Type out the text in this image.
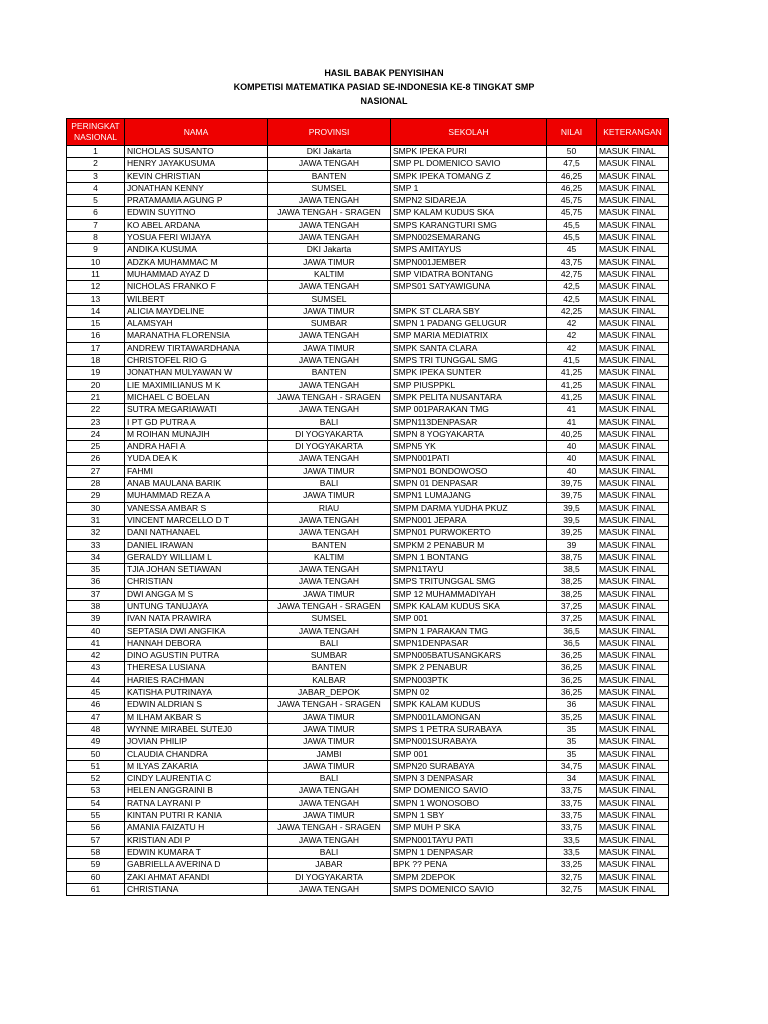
HASIL BABAK PENYISIHAN
KOMPETISI MATEMATIKA PASIAD SE-INDONESIA KE-8 TINGKAT SMP
NASIONAL
PERINGKAT NASIONAL	NAMA	PROVINSI	SEKOLAH	NILAI	KETERANGAN
1	NICHOLAS SUSANTO	DKI Jakarta	SMPK IPEKA PURI	50	MASUK FINAL
2	HENRY JAYAKUSUMA	JAWA TENGAH	SMP PL DOMENICO SAVIO	47,5	MASUK FINAL
3	KEVIN CHRISTIAN	BANTEN	SMPK IPEKA TOMANG Z	46,25	MASUK FINAL
4	JONATHAN KENNY	SUMSEL	SMP 1	46,25	MASUK FINAL
5	PRATAMAMIA AGUNG P	JAWA TENGAH	SMPN2 SIDAREJA	45,75	MASUK FINAL
6	EDWIN SUYITNO	JAWA TENGAH - SRAGEN	SMP KALAM KUDUS SKA	45,75	MASUK FINAL
7	KO ABEL ARDANA	JAWA TENGAH	SMPS KARANGTURI SMG	45,5	MASUK FINAL
8	YOSUA FERI WIJAYA	JAWA TENGAH	SMPN002SEMARANG	45,5	MASUK FINAL
9	ANDIKA KUSUMA	DKI Jakarta	SMPS AMITAYUS	45	MASUK FINAL
10	ADZKA MUHAMMAC M	JAWA TIMUR	SMPN001JEMBER	43,75	MASUK FINAL
11	MUHAMMAD AYAZ D	KALTIM	SMP VIDATRA BONTANG	42,75	MASUK FINAL
12	NICHOLAS FRANKO F	JAWA TENGAH	SMPS01 SATYAWIGUNA	42,5	MASUK FINAL
13	WILBERT	SUMSEL		42,5	MASUK FINAL
14	ALICIA MAYDELINE	JAWA TIMUR	SMPK ST CLARA SBY	42,25	MASUK FINAL
15	ALAMSYAH	SUMBAR	SMPN 1 PADANG GELUGUR	42	MASUK FINAL
16	MARANATHA FLORENSIA	JAWA TENGAH	SMP MARIA MEDIATRIX	42	MASUK FINAL
17	ANDREW TIRTAWARDHANA	JAWA TIMUR	SMPK SANTA CLARA	42	MASUK FINAL
18	CHRISTOFEL RIO G	JAWA TENGAH	SMPS TRI TUNGGAL SMG	41,5	MASUK FINAL
19	JONATHAN MULYAWAN W	BANTEN	SMPK IPEKA SUNTER	41,25	MASUK FINAL
20	LIE MAXIMILIANUS M K	JAWA TENGAH	SMP PIUSPPKL	41,25	MASUK FINAL
21	MICHAEL C BOELAN	JAWA TENGAH - SRAGEN	SMPK PELITA NUSANTARA	41,25	MASUK FINAL
22	SUTRA MEGARIAWATI	JAWA TENGAH	SMP 001PARAKAN TMG	41	MASUK FINAL
23	I PT GD PUTRA A	BALI	SMPN113DENPASAR	41	MASUK FINAL
24	M ROIHAN MUNAJIH	DI YOGYAKARTA	SMPN 8 YOGYAKARTA	40,25	MASUK FINAL
25	ANDRA HAFI A	DI YOGYAKARTA	SMPN5 YK	40	MASUK FINAL
26	YUDA DEA K	JAWA TENGAH	SMPN001PATI	40	MASUK FINAL
27	FAHMI	JAWA TIMUR	SMPN01 BONDOWOSO	40	MASUK FINAL
28	ANAB MAULANA BARIK	BALI	SMPN 01 DENPASAR	39,75	MASUK FINAL
29	MUHAMMAD REZA A	JAWA TIMUR	SMPN1 LUMAJANG	39,75	MASUK FINAL
30	VANESSA AMBAR S	RIAU	SMPM DARMA YUDHA PKUZ	39,5	MASUK FINAL
31	VINCENT MARCELLO D T	JAWA TENGAH	SMPN001 JEPARA	39,5	MASUK FINAL
32	DANI NATHANAEL	JAWA TENGAH	SMPN01 PURWOKERTO	39,25	MASUK FINAL
33	DANIEL IRAWAN	BANTEN	SMPKM 2 PENABUR M	39	MASUK FINAL
34	GERALDY WILLIAM L	KALTIM	SMPN 1 BONTANG	38,75	MASUK FINAL
35	TJIA JOHAN SETIAWAN	JAWA TENGAH	SMPN1TAYU	38,5	MASUK FINAL
36	CHRISTIAN	JAWA TENGAH	SMPS TRITUNGGAL SMG	38,25	MASUK FINAL
37	DWI ANGGA M S	JAWA TIMUR	SMP 12 MUHAMMADIYAH	38,25	MASUK FINAL
38	UNTUNG TANUJAYA	JAWA TENGAH - SRAGEN	SMPK KALAM KUDUS SKA	37,25	MASUK FINAL
39	IVAN NATA PRAWIRA	SUMSEL	SMP 001	37,25	MASUK FINAL
40	SEPTASIA DWI ANGFIKA	JAWA TENGAH	SMPN 1 PARAKAN TMG	36,5	MASUK FINAL
41	HANNAH DEBORA	BALI	SMPN1DENPASAR	36,5	MASUK FINAL
42	DINO AGUSTIN PUTRA	SUMBAR	SMPN005BATUSANGKARS	36,25	MASUK FINAL
43	THERESA LUSIANA	BANTEN	SMPK 2 PENABUR	36,25	MASUK FINAL
44	HARIES RACHMAN	KALBAR	SMPN003PTK	36,25	MASUK FINAL
45	KATISHA PUTRINAYA	JABAR_DEPOK	SMPN 02	36,25	MASUK FINAL
46	EDWIN ALDRIAN S	JAWA TENGAH - SRAGEN	SMPK KALAM KUDUS	36	MASUK FINAL
47	M ILHAM AKBAR S	JAWA TIMUR	SMPN001LAMONGAN	35,25	MASUK FINAL
48	WYNNE MIRABEL SUTEJ0	JAWA TIMUR	SMPS 1 PETRA SURABAYA	35	MASUK FINAL
49	JOVIAN PHILIP	JAWA TIMUR	SMPN001SURABAYA	35	MASUK FINAL
50	CLAUDIA CHANDRA	JAMBI	SMP 001	35	MASUK FINAL
51	M ILYAS ZAKARIA	JAWA TIMUR	SMPN20 SURABAYA	34,75	MASUK FINAL
52	CINDY LAURENTIA C	BALI	SMPN 3 DENPASAR	34	MASUK FINAL
53	HELEN ANGGRAINI B	JAWA TENGAH	SMP DOMENICO SAVIO	33,75	MASUK FINAL
54	RATNA LAYRANI P	JAWA TENGAH	SMPN 1 WONOSOBO	33,75	MASUK FINAL
55	KINTAN PUTRI R KANIA	JAWA TIMUR	SMPN 1 SBY	33,75	MASUK FINAL
56	AMANIA FAIZATU H	JAWA TENGAH - SRAGEN	SMP MUH P SKA	33,75	MASUK FINAL
57	KRISTIAN ADI P	JAWA TENGAH	SMPN001TAYU PATI	33,5	MASUK FINAL
58	EDWIN KUMARA T	BALI	SMPN 1 DENPASAR	33,5	MASUK FINAL
59	GABRIELLA AVERINA D	JABAR	BPK ?? PENA	33,25	MASUK FINAL
60	ZAKI AHMAT AFANDI	DI YOGYAKARTA	SMPM 2DEPOK	32,75	MASUK FINAL
61	CHRISTIANA	JAWA TENGAH	SMPS DOMENICO SAVIO	32,75	MASUK FINAL
